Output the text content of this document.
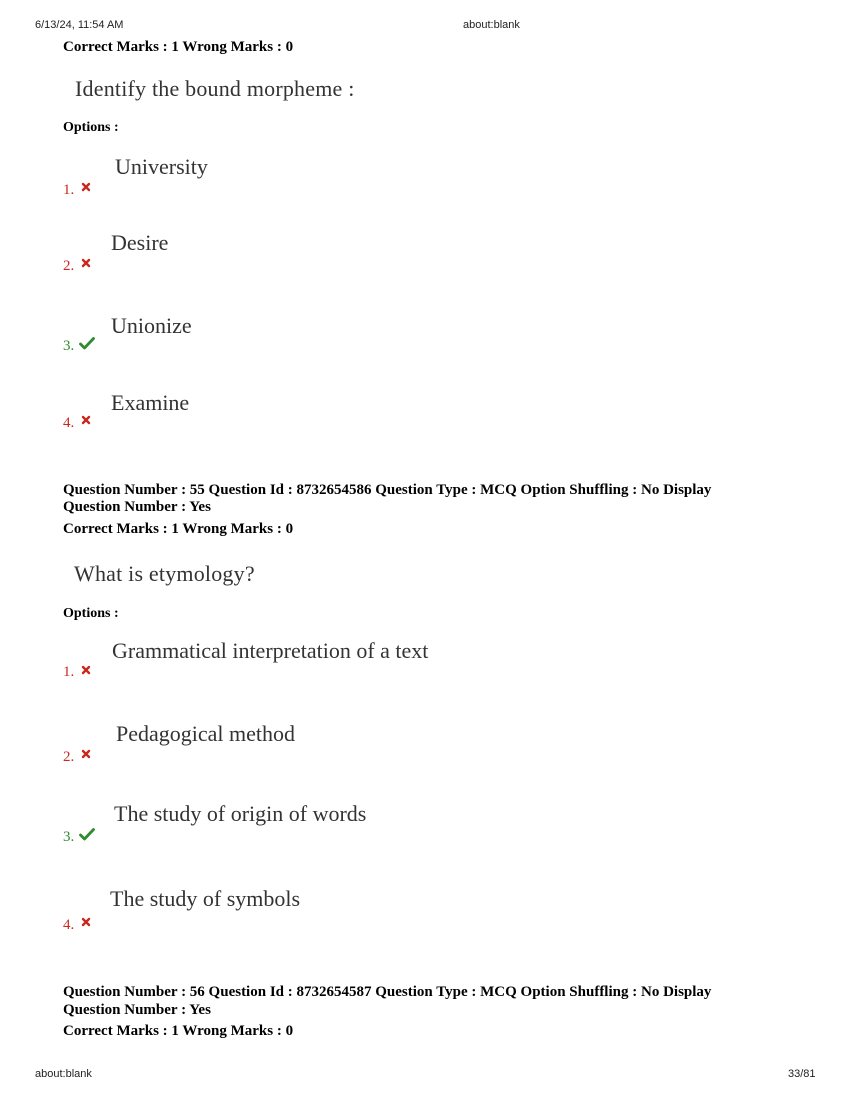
6/13/24, 11:54 AM	about:blank
Correct Marks : 1 Wrong Marks : 0
Identify the bound morpheme :
Options :
University
1.
Desire
2.
Unionize
3.
Examine
4.
Question Number : 55 Question Id : 8732654586 Question Type : MCQ Option Shuffling : No Display
Question Number : Yes
Correct Marks : 1 Wrong Marks : 0
What is etymology?
Options :
Grammatical interpretation of a text
1.
Pedagogical method
2.
The study of origin of words
3.
The study of symbols
4.
Question Number : 56 Question Id : 8732654587 Question Type : MCQ Option Shuffling : No Display
Question Number : Yes
Correct Marks : 1 Wrong Marks : 0
about:blank	33/81
